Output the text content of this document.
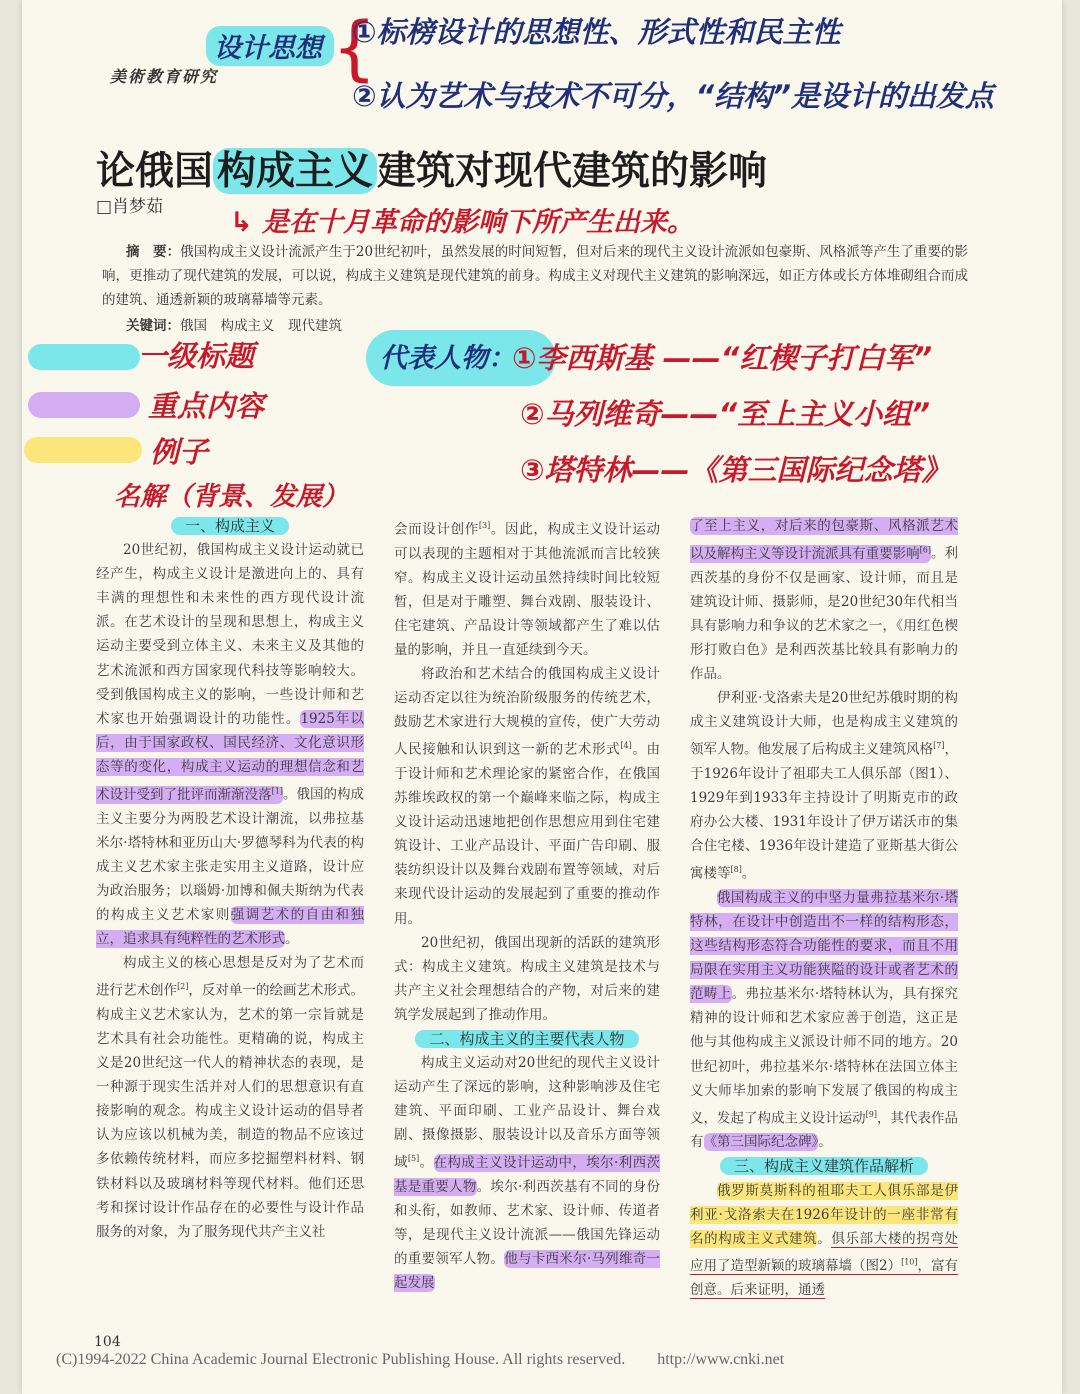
美術教育研究
设计思想 {
①标榜设计的思想性、形式性和民主性
②认为艺术与技术不可分，“结构”是设计的出发点
论俄国 构成主义 建筑对现代建筑的影响
□肖梦茹 ↳ 是在十月革命的影响下所产生出来。
摘　要：俄国构成主义设计流派产生于20世纪初叶，虽然发展的时间短暂，但对后来的现代主义设计流派如包豪斯、风格派等产生了重要的影响，更推动了现代建筑的发展，可以说，构成主义建筑是现代建筑的前身。构成主义对现代主义建筑的影响深远，如正方体或长方体堆砌组合而成的建筑、通透新颖的玻璃幕墙等元素。
关键词：俄国　构成主义　现代建筑
代表人物：
①李西斯基 ——“红楔子打白军”
②马列维奇——“至上主义小组”
③塔特林——《第三国际纪念塔》
一级标题
重点内容
例子
名解（背景、发展）
一、构成主义

20世纪初，俄国构成主义设计运动就已经产生，构成主义设计是激进向上的、具有丰满的理想性和未来性的西方现代设计流派。在艺术设计的呈现和思想上，构成主义运动主要受到立体主义、未来主义及其他的艺术流派和西方国家现代科技等影响较大。受到俄国构成主义的影响，一些设计师和艺术家也开始强调设计的功能性。1925年以后，由于国家政权、国民经济、文化意识形态等的变化，构成主义运动的理想信念和艺术设计受到了批评而渐渐没落[1]。俄国的构成主义主要分为两股艺术设计潮流，以弗拉基米尔·塔特林和亚历山大·罗德琴科为代表的构成主义艺术家主张走实用主义道路，设计应为政治服务；以瑙姆·加博和佩夫斯纳为代表的构成主义艺术家则强调艺术的自由和独立，追求具有纯粹性的艺术形式。

构成主义的核心思想是反对为了艺术而进行艺术创作[2]，反对单一的绘画艺术形式。构成主义艺术家认为，艺术的第一宗旨就是艺术具有社会功能性。更精确的说，构成主义是20世纪这一代人的精神状态的表现，是一种源于现实生活并对人们的思想意识有直接影响的观念。构成主义设计运动的倡导者认为应该以机械为美，制造的物品不应该过多依赖传统材料，而应多挖掘塑料材料、钢铁材料以及玻璃材料等现代材料。他们还思考和探讨设计作品存在的必要性与设计作品服务的对象，为了服务现代共产主义社

会而设计创作[3]。因此，构成主义设计运动可以表现的主题相对于其他流派而言比较狭窄。构成主义设计运动虽然持续时间比较短暂，但是对于雕塑、舞台戏剧、服装设计、住宅建筑、产品设计等领域都产生了难以估量的影响，并且一直延续到今天。

将政治和艺术结合的俄国构成主义设计运动否定以往为统治阶级服务的传统艺术，鼓励艺术家进行大规模的宣传，使广大劳动人民接触和认识到这一新的艺术形式[4]。由于设计师和艺术理论家的紧密合作，在俄国苏维埃政权的第一个巅峰来临之际，构成主义设计运动迅速地把创作思想应用到住宅建筑设计、工业产品设计、平面广告印刷、服装纺织设计以及舞台戏剧布置等领域，对后来现代设计运动的发展起到了重要的推动作用。

20世纪初，俄国出现新的活跃的建筑形式：构成主义建筑。构成主义建筑是技术与共产主义社会理想结合的产物，对后来的建筑学发展起到了推动作用。

二、构成主义的主要代表人物

构成主义运动对20世纪的现代主义设计运动产生了深远的影响，这种影响涉及住宅建筑、平面印刷、工业产品设计、舞台戏剧、摄像摄影、服装设计以及音乐方面等领域[5]。在构成主义设计运动中，埃尔·利西茨基是重要人物。埃尔·利西茨基有不同的身份和头衔，如教师、艺术家、设计师、传道者等，是现代主义设计流派——俄国先锋运动的重要领军人物。他与卡西米尔·马列维奇一起发展

了至上主义，对后来的包豪斯、风格派艺术以及解构主义等设计流派具有重要影响[6]。利西茨基的身份不仅是画家、设计师，而且是建筑设计师、摄影师，是20世纪30年代相当具有影响力和争议的艺术家之一，《用红色楔形打败白色》是利西茨基比较具有影响力的作品。

伊利亚·戈洛索夫是20世纪苏俄时期的构成主义建筑设计大师，也是构成主义建筑的领军人物。他发展了后构成主义建筑风格[7]，于1926年设计了祖耶夫工人俱乐部（图1）、1929年到1933年主持设计了明斯克市的政府办公大楼、1931年设计了伊万诺沃市的集合住宅楼、1936年设计建造了亚斯基大街公寓楼等[8]。

俄国构成主义的中坚力量弗拉基米尔·塔特林，在设计中创造出不一样的结构形态，这些结构形态符合功能性的要求，而且不用局限在实用主义功能狭隘的设计或者艺术的范畴上。弗拉基米尔·塔特林认为，具有探究精神的设计师和艺术家应善于创造，这正是他与其他构成主义派设计师不同的地方。20世纪初叶，弗拉基米尔·塔特林在法国立体主义大师毕加索的影响下发展了俄国的构成主义，发起了构成主义设计运动[9]，其代表作品有《第三国际纪念碑》。

三、构成主义建筑作品解析

俄罗斯莫斯科的祖耶夫工人俱乐部是伊利亚·戈洛索夫在1926年设计的一座非常有名的构成主义式建筑。俱乐部大楼的拐弯处应用了造型新颖的玻璃幕墙（图2）[10]，富有创意。后来证明，通透

104
(C)1994-2022 China Academic Journal Electronic Publishing House. All rights reserved.　　http://www.cnki.net
